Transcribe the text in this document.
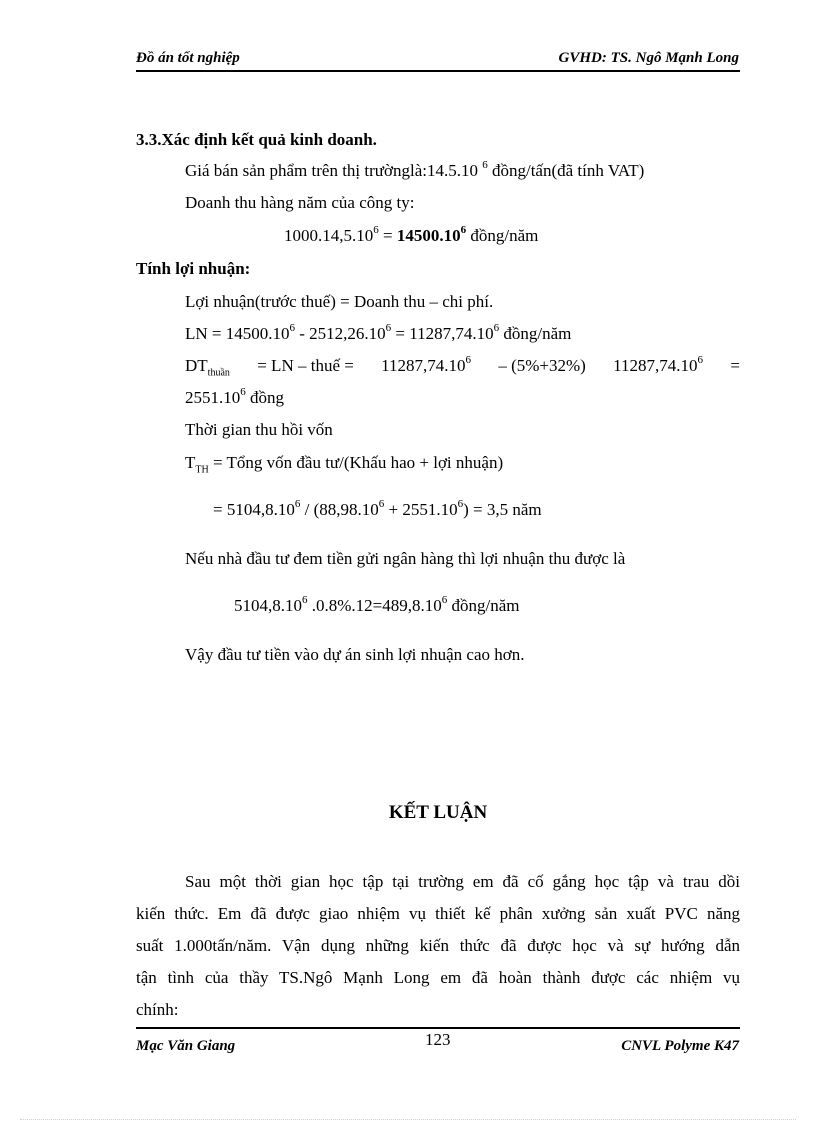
Đồ án tốt nghiệp	GVHD: TS. Ngô Mạnh Long
3.3.Xác định kết quả kinh doanh.
Giá bán sản phẩm trên thị trườnglà:14.5.10 $^6$ đồng/tấn(đã tính VAT)
Doanh thu hàng năm của công ty:
$1000.14,5.10^6 = 14500.10^6$ đồng/năm
Tính lợi nhuận:
Lợi nhuận(trước thuế) = Doanh thu – chi phí.
LN = $14500.10^6 - 2512,26.10^6 = 11287,74.10^6$ đồng/năm
$DT_{thuần}$ = LN – thuế = $11287,74.10^6 - (5\%+32\%) 11287,74.10^6$ =
$2551.10^6$ đồng
Thời gian thu hồi vốn
$T_{TH}$ = Tổng vốn đầu tư/(Khấu hao + lợi nhuận)
= $5104,8.10^6 / (88,98.10^6 + 2551.10^6) = 3,5$ năm
Nếu nhà đầu tư đem tiền gửi ngân hàng thì lợi nhuận thu được là
5104,8.10$^6$ $.0.8\%.12=489,8.10^6$ đồng/năm
Vậy đầu tư tiền vào dự án sinh lợi nhuận cao hơn.
KẾT LUẬN
Sau một thời gian học tập tại trường em đã cố gắng học tập và trau dồi
kiến thức. Em đã được giao nhiệm vụ thiết kế phân xưởng sản xuất PVC năng
suất 1.000tấn/năm. Vận dụng những kiến thức đã được học và sự hướng dẫn
tận tình của thầy TS.Ngô Mạnh Long em đã hoàn thành được các nhiệm vụ
chính:
Mạc Văn Giang	123	CNVL Polyme K47
